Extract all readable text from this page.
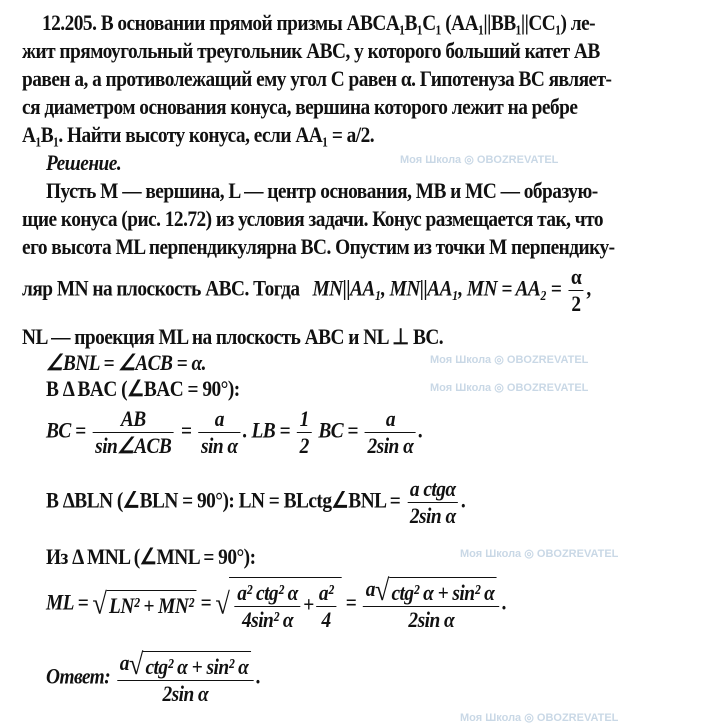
Моя Школа ◎ OBOZREVATEL
Моя Школа ◎ OBOZREVATEL
Моя Школа ◎ OBOZREVATEL
Моя Школа ◎ OBOZREVATEL
Моя Школа ◎ OBOZREVATEL
12.205. В основании прямой призмы ABCA₁B₁C₁ (AA₁||BB₁||CC₁) ле-
жит прямоугольный треугольник ABC, у которого больший катет AB
равен a, а противолежащий ему угол C равен α. Гипотенуза BC являет-
ся диаметром основания конуса, вершина которого лежит на ребре
A₁B₁. Найти высоту конуса, если AA₁ = a/2.
Решение.
Пусть M — вершина, L — центр основания, MB и MC — образую-
щие конуса (рис. 12.72) из условия задачи. Конус размещается так, что
его высота ML перпендикулярна BC. Опустим из точки M перпендику-
ляр MN на плоскость ABC. Тогда MN||AA₁, MN||AA₁, MN = $AA_2 = \frac{\alpha}{2}$ ,
NL — проекция ML на плоскость ABC и NL ⊥ BC.
∠BNL = ∠ACB = α.
В Δ BAC (∠BAC = 90°):
BC = $\frac{AB}{\text{sin∠ACB}} = \frac{a}{\text{sin α}}$ . LB = $\frac{1}{2}$ BC = $\frac{a}{\text{2sin α}}$ .
В ΔBLN (∠BLN = 90°): LN = BLctg∠BNL = $\frac{\text{a ctgα}}{\text{2sin α}}$ .
Из Δ MNL (∠MNL = 90°):
ML = √ LN² + MN² = √ $\frac{\text{a² ctg² α}}{\text{4sin² α}} + \frac{\text{a²}}{4} = \frac{\text{a√ ctg² α + sin² α}}{\text{2sin α}}$ .
Ответ: $\frac{\text{a√ ctg² α + sin² α}}{\text{2sin α}}$ .
